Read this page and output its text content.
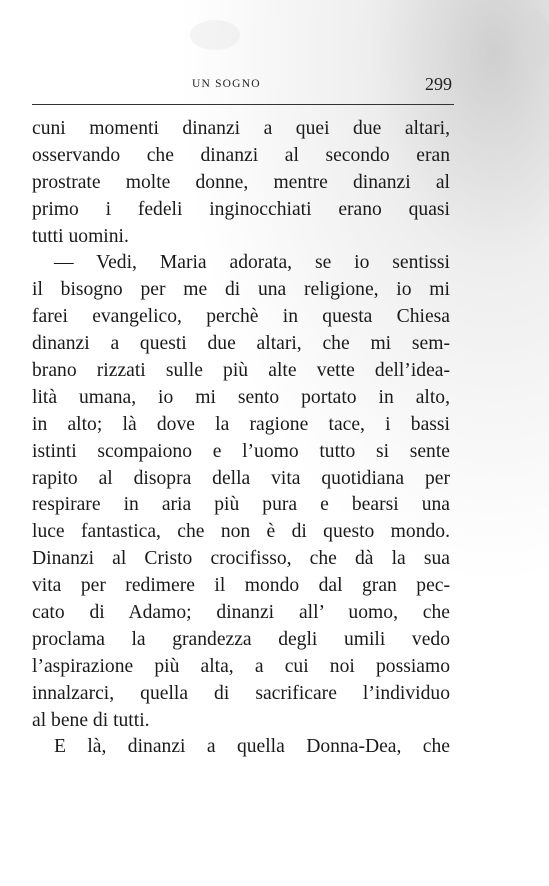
UN SOGNO	299
cuni momenti dinanzi a quei due altari,
osservando che dinanzi al secondo eran
prostrate molte donne, mentre dinanzi al
primo i fedeli inginocchiati erano quasi
tutti uomini.
— Vedi, Maria adorata, se io sentissi
il bisogno per me di una religione, io mi
farei evangelico, perchè in questa Chiesa
dinanzi a questi due altari, che mi sem-
brano rizzati sulle più alte vette dell’idea-
lità umana, io mi sento portato in alto,
in alto; là dove la ragione tace, i bassi
istinti scompaiono e l’uomo tutto si sente
rapito al disopra della vita quotidiana per
respirare in aria più pura e bearsi una
luce fantastica, che non è di questo mondo.
Dinanzi al Cristo crocifisso, che dà la sua
vita per redimere il mondo dal gran pec-
cato di Adamo; dinanzi all’ uomo, che
proclama la grandezza degli umili vedo
l’aspirazione più alta, a cui noi possiamo
innalzarci, quella di sacrificare l’individuo
al bene di tutti.
E là, dinanzi a quella Donna-Dea, che
